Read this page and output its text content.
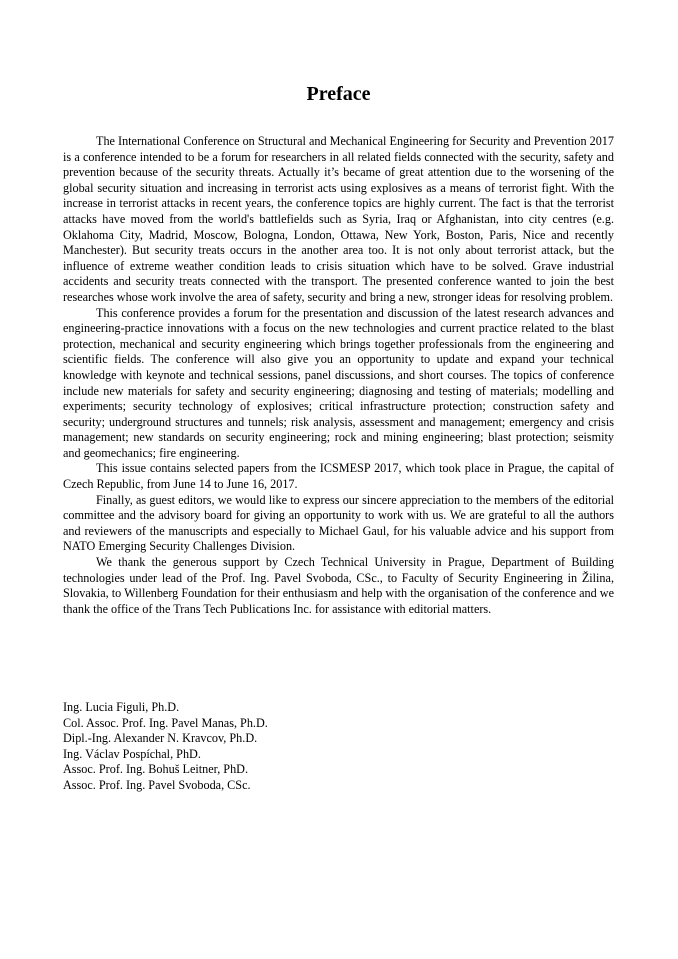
Preface

The International Conference on Structural and Mechanical Engineering for Security and Prevention 2017 is a conference intended to be a forum for researchers in all related fields connected with the security, safety and prevention because of the security threats. Actually it’s became of great attention due to the worsening of the global security situation and increasing in terrorist acts using explosives as a means of terrorist fight. With the increase in terrorist attacks in recent years, the conference topics are highly current. The fact is that the terrorist attacks have moved from the world's battlefields such as Syria, Iraq or Afghanistan, into city centres (e.g. Oklahoma City, Madrid, Moscow, Bologna, London, Ottawa, New York, Boston, Paris, Nice and recently Manchester). But security treats occurs in the another area too. It is not only about terrorist attack, but the influence of extreme weather condition leads to crisis situation which have to be solved. Grave industrial accidents and security treats connected with the transport. The presented conference wanted to join the best researches whose work involve the area of safety, security and bring a new, stronger ideas for resolving problem.

This conference provides a forum for the presentation and discussion of the latest research advances and engineering-practice innovations with a focus on the new technologies and current practice related to the blast protection, mechanical and security engineering which brings together professionals from the engineering and scientific fields. The conference will also give you an opportunity to update and expand your technical knowledge with keynote and technical sessions, panel discussions, and short courses. The topics of conference include new materials for safety and security engineering; diagnosing and testing of materials; modelling and experiments; security technology of explosives; critical infrastructure protection; construction safety and security; underground structures and tunnels; risk analysis, assessment and management; emergency and crisis management; new standards on security engineering; rock and mining engineering; blast protection; seismity and geomechanics; fire engineering.

This issue contains selected papers from the ICSMESP 2017, which took place in Prague, the capital of Czech Republic, from June 14 to June 16, 2017.

Finally, as guest editors, we would like to express our sincere appreciation to the members of the editorial committee and the advisory board for giving an opportunity to work with us. We are grateful to all the authors and reviewers of the manuscripts and especially to Michael Gaul, for his valuable advice and his support from NATO Emerging Security Challenges Division.

We thank the generous support by Czech Technical University in Prague, Department of Building technologies under lead of the Prof. Ing. Pavel Svoboda, CSc., to Faculty of Security Engineering in Žilina, Slovakia, to Willenberg Foundation for their enthusiasm and help with the organisation of the conference and we thank the office of the Trans Tech Publications Inc. for assistance with editorial matters.

Ing. Lucia Figuli, Ph.D.

Col. Assoc. Prof. Ing. Pavel Manas, Ph.D.

Dipl.-Ing. Alexander N. Kravcov, Ph.D.

Ing. Václav Pospíchal, PhD.

Assoc. Prof. Ing. Bohuš Leitner, PhD.

Assoc. Prof. Ing. Pavel Svoboda, CSc.
